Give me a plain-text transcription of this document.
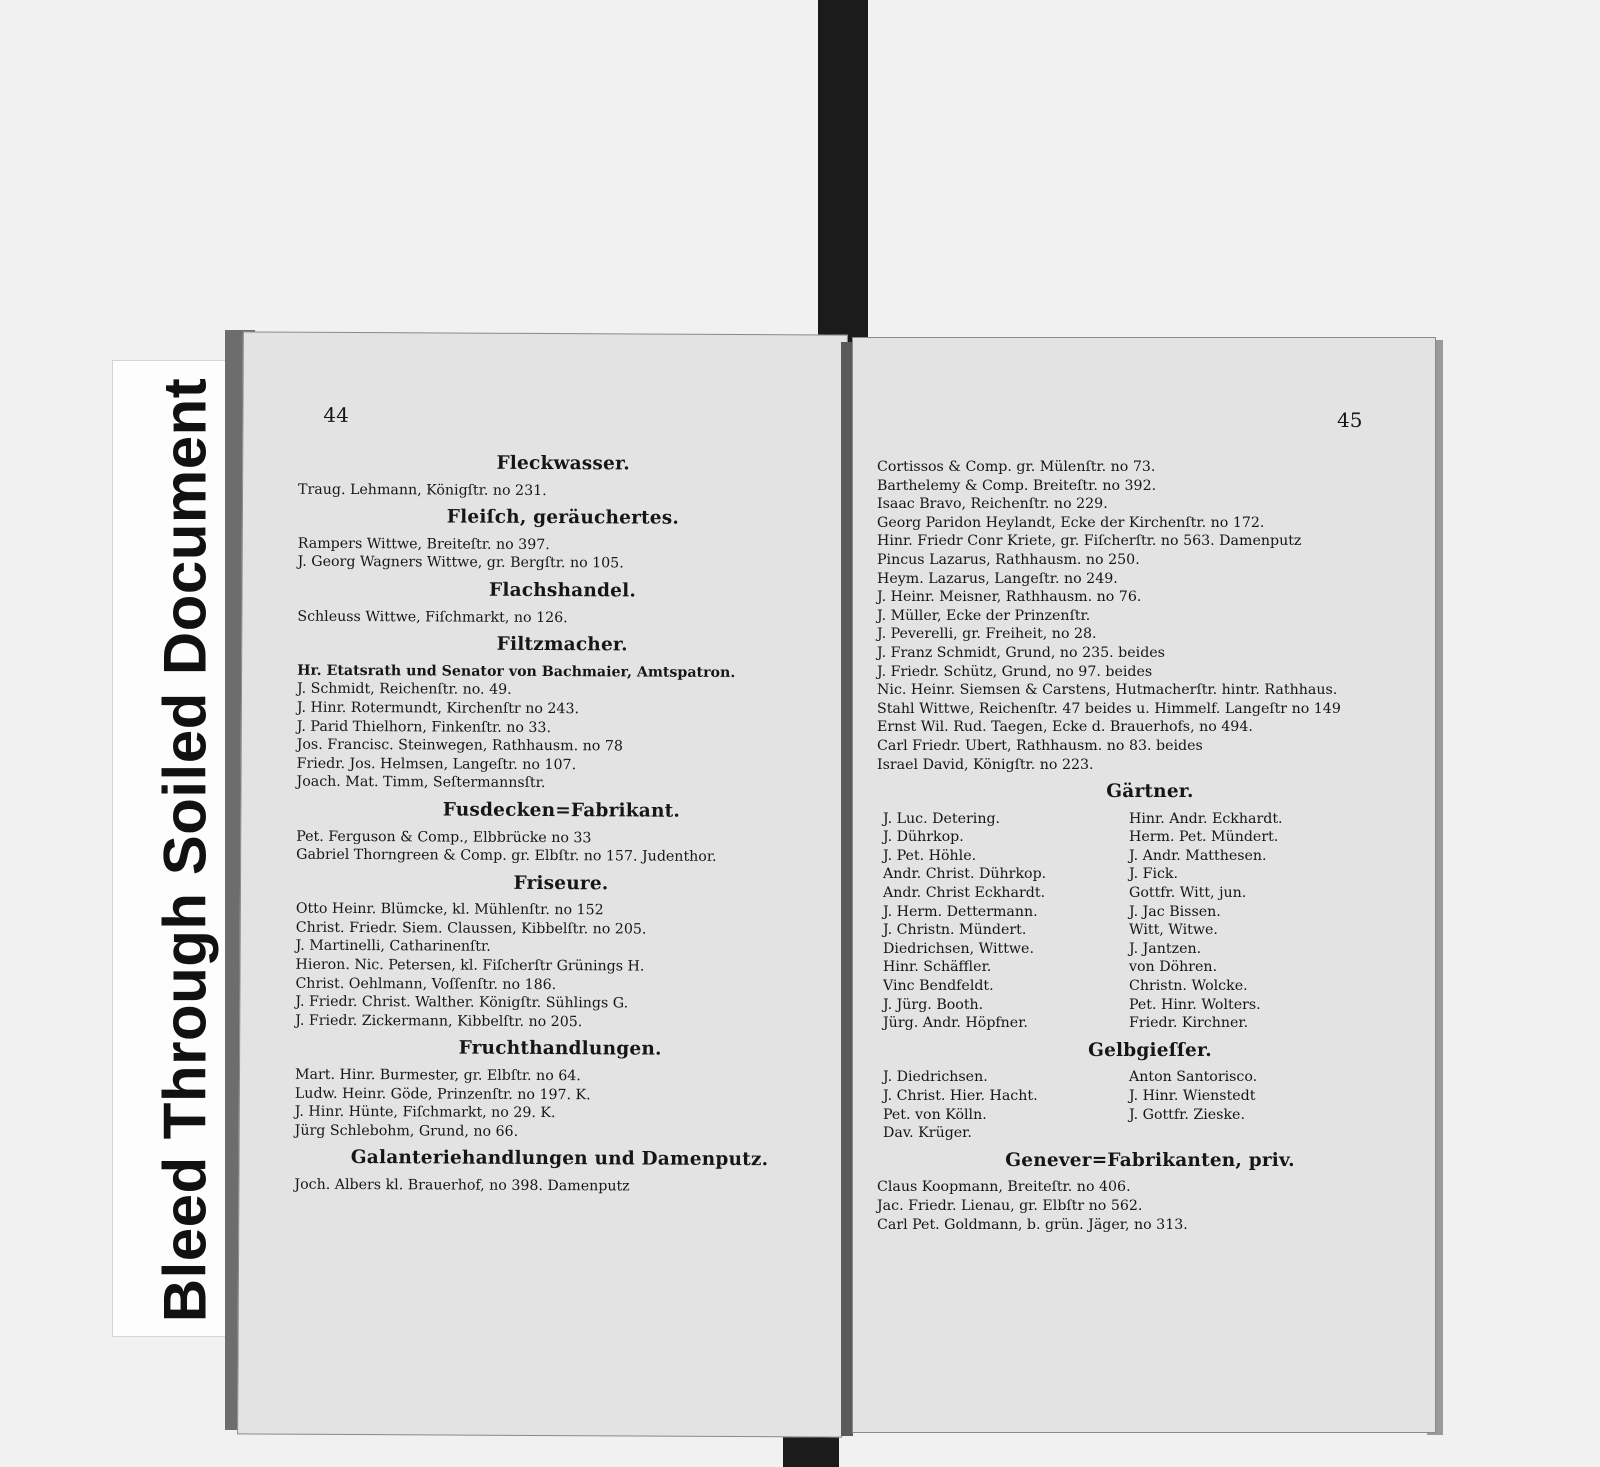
Bleed Through Soiled Document	44
Fleckwasser.
Traug. Lehmann, Königſtr. no 231.
Fleiſch, geräuchertes.
Rampers Wittwe, Breiteſtr. no 397.
J. Georg Wagners Wittwe, gr. Bergſtr. no 105.
Flachshandel.
Schleuss Wittwe, Fiſchmarkt, no 126.
Filtzmacher.
Hr. Etatsrath und Senator von Bachmaier, Amtspatron.
J. Schmidt, Reichenſtr. no. 49.
J. Hinr. Rotermundt, Kirchenſtr no 243.
J. Parid Thielhorn, Finkenſtr. no 33.
Jos. Francisc. Steinwegen, Rathhausm. no 78
Friedr. Jos. Helmsen, Langeſtr. no 107.
Joach. Mat. Timm, Seſtermannsſtr.
Fusdecken=Fabrikant.
Pet. Ferguson & Comp., Elbbrücke no 33
Gabriel Thorngreen & Comp. gr. Elbſtr. no 157. Judenthor.
Friseure.
Otto Heinr. Blümcke, kl. Mühlenſtr. no 152
Christ. Friedr. Siem. Claussen, Kibbelſtr. no 205.
J. Martinelli, Catharinenſtr.
Hieron. Nic. Petersen, kl. Fiſcherſtr Grünings H.
Christ. Oehlmann, Voſſenſtr. no 186.
J. Friedr. Christ. Walther. Königſtr. Sühlings G.
J. Friedr. Zickermann, Kibbelſtr. no 205.
Fruchthandlungen.
Mart. Hinr. Burmester, gr. Elbſtr. no 64.
Ludw. Heinr. Göde, Prinzenſtr. no 197. K.
J. Hinr. Hünte, Fiſchmarkt, no 29. K.
Jürg Schlebohm, Grund, no 66.
Galanteriehandlungen und Damenputz.
Joch. Albers kl. Brauerhof, no 398. Damenputz
45
Cortissos & Comp. gr. Mülenſtr. no 73.
Barthelemy & Comp. Breiteſtr. no 392.
Isaac Bravo, Reichenſtr. no 229.
Georg Paridon Heylandt, Ecke der Kirchenſtr. no 172.
Hinr. Friedr Conr Kriete, gr. Fiſcherſtr. no 563. Damenputz
Pincus Lazarus, Rathhausm. no 250.
Heym. Lazarus, Langeſtr. no 249.
J. Heinr. Meisner, Rathhausm. no 76.
J. Müller, Ecke der Prinzenſtr.
J. Peverelli, gr. Freiheit, no 28.
J. Franz Schmidt, Grund, no 235. beides
J. Friedr. Schütz, Grund, no 97. beides
Nic. Heinr. Siemsen & Carstens, Hutmacherſtr. hintr. Rathhaus.
Stahl Wittwe, Reichenſtr. 47 beides u. Himmelf. Langeſtr no 149
Ernst Wil. Rud. Taegen, Ecke d. Brauerhofs, no 494.
Carl Friedr. Ubert, Rathhausm. no 83. beides
Israel David, Königſtr. no 223.
Gärtner.
J. Luc. Detering.
J. Dührkop.
J. Pet. Höhle.
Andr. Christ. Dührkop.
Andr. Christ Eckhardt.
J. Herm. Dettermann.
J. Christn. Mündert.
Diedrichsen, Wittwe.
Hinr. Schäffler.
Vinc Bendfeldt.
J. Jürg. Booth.
Jürg. Andr. Höpfner.
Hinr. Andr. Eckhardt.
Herm. Pet. Mündert.
J. Andr. Matthesen.
J. Fick.
Gottfr. Witt, jun.
J. Jac Bissen.
Witt, Witwe.
J. Jantzen.
von Döhren.
Christn. Wolcke.
Pet. Hinr. Wolters.
Friedr. Kirchner.
Gelbgieſſer.
J. Diedrichsen.
J. Christ. Hier. Hacht.
Pet. von Kölln.
Dav. Krüger.
Anton Santorisco.
J. Hinr. Wienstedt
J. Gottfr. Zieske.
Genever=Fabrikanten, priv.
Claus Koopmann, Breiteſtr. no 406.
Jac. Friedr. Lienau, gr. Elbſtr no 562.
Carl Pet. Goldmann, b. grün. Jäger, no 313.
